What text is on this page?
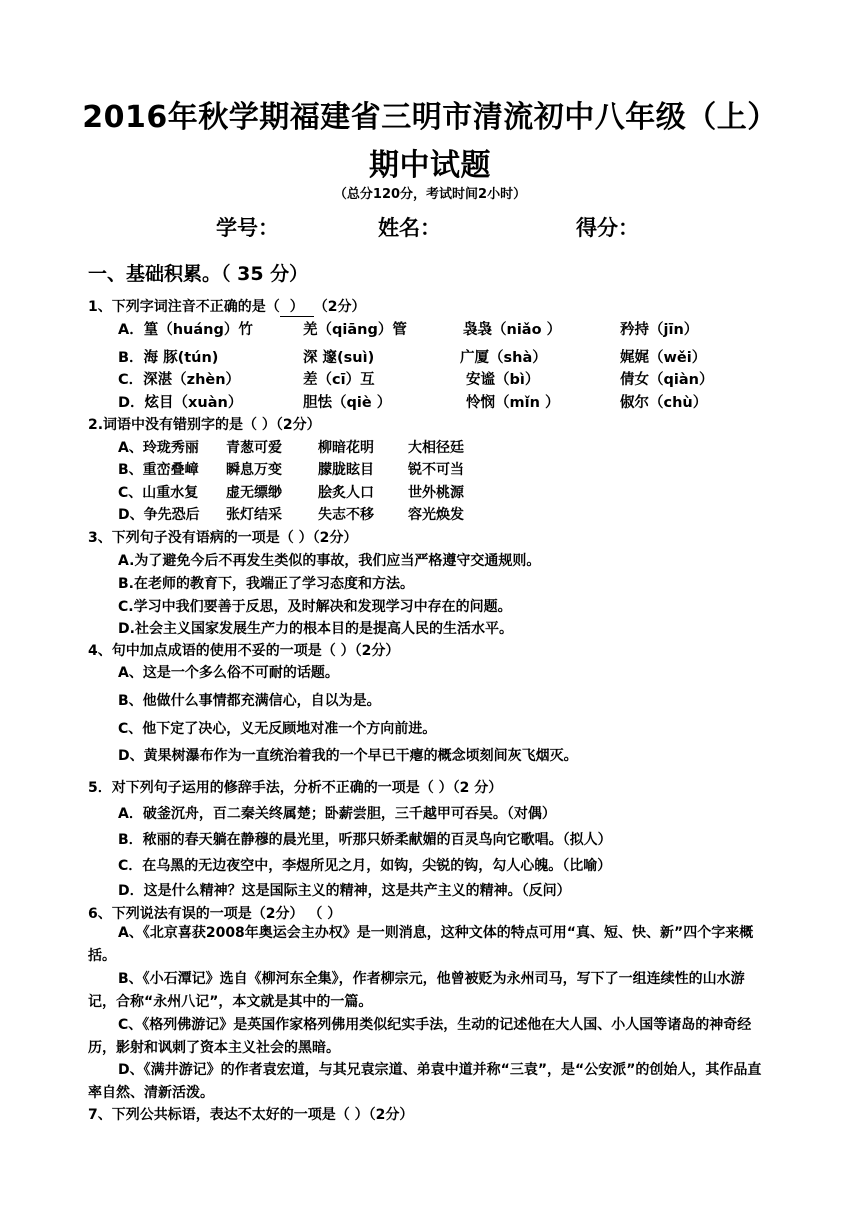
2016年秋学期福建省三明市清流初中八年级（上）
期中试题
（总分120分，考试时间2小时）
学号：	姓名：	得分：
一、基础积累。（ 35 分）
1、下列字词注音不正确的是（） （2分）
A．篁（huáng）竹	羌（qiāng）管	袅袅（niǎo ）	矜持（jīn）
B．海 豚(tún)	深 邃(suì)	广厦（shà）	娓娓（wěi）
C．深湛（zhèn）	差（cī）互	安谧（bì）	倩女（qiàn）
D．炫目（xuàn）	胆怯（qiè ）	怜悯（mǐn ）	俶尔（chù）
2.词语中没有错别字的是（ ）（2分）
A、玲珑秀丽 青葱可爱	柳暗花明 大相径廷
B、重峦叠嶂 瞬息万变	朦胧眩目 锐不可当
C、山重水复 虚无缥缈	脍炙人口 世外桃源
D、争先恐后 张灯结采	失志不移 容光焕发
3、下列句子没有语病的一项是（ ）（2分）
A.为了避免今后不再发生类似的事故，我们应当严格遵守交通规则。
B.在老师的教育下，我端正了学习态度和方法。
C.学习中我们要善于反思，及时解决和发现学习中存在的问题。
D.社会主义国家发展生产力的根本目的是提高人民的生活水平。
4、句中加点成语的使用不妥的一项是（ ）（2分）
A、这是一个多么俗不可耐的话题。
B、他做什么事情都充满信心，自以为是。
C、他下定了决心，义无反顾地对准一个方向前进。
D、黄果树瀑布作为一直统治着我的一个早已干瘪的概念顷刻间灰飞烟灭。
5．对下列句子运用的修辞手法，分析不正确的一项是（ ）（2 分）
A．破釜沉舟，百二秦关终属楚；卧薪尝胆，三千越甲可吞吴。（对偶）
B．秾丽的春天躺在静穆的晨光里，听那只娇柔献媚的百灵鸟向它歌唱。（拟人）
C．在乌黑的无边夜空中，李煜所见之月，如钩，尖锐的钩，勾人心魄。（比喻）
D．这是什么精神？这是国际主义的精神，这是共产主义的精神。（反问）
6、下列说法有误的一项是（2分） （ ）
A、《北京喜获2008年奥运会主办权》是一则消息，这种文体的特点可用“真、短、快、新”四个字来概括。
B、《小石潭记》选自《柳河东全集》，作者柳宗元，他曾被贬为永州司马，写下了一组连续性的山水游记，合称“永州八记”，本文就是其中的一篇。
C、《格列佛游记》是英国作家格列佛用类似纪实手法，生动的记述他在大人国、小人国等诸岛的神奇经历，影射和讽刺了资本主义社会的黑暗。
D、《满井游记》的作者袁宏道，与其兄袁宗道、弟袁中道并称“三袁”，是“公安派”的创始人，其作品直率自然、清新活泼。
7、下列公共标语，表达不太好的一项是（ ）（2分）
